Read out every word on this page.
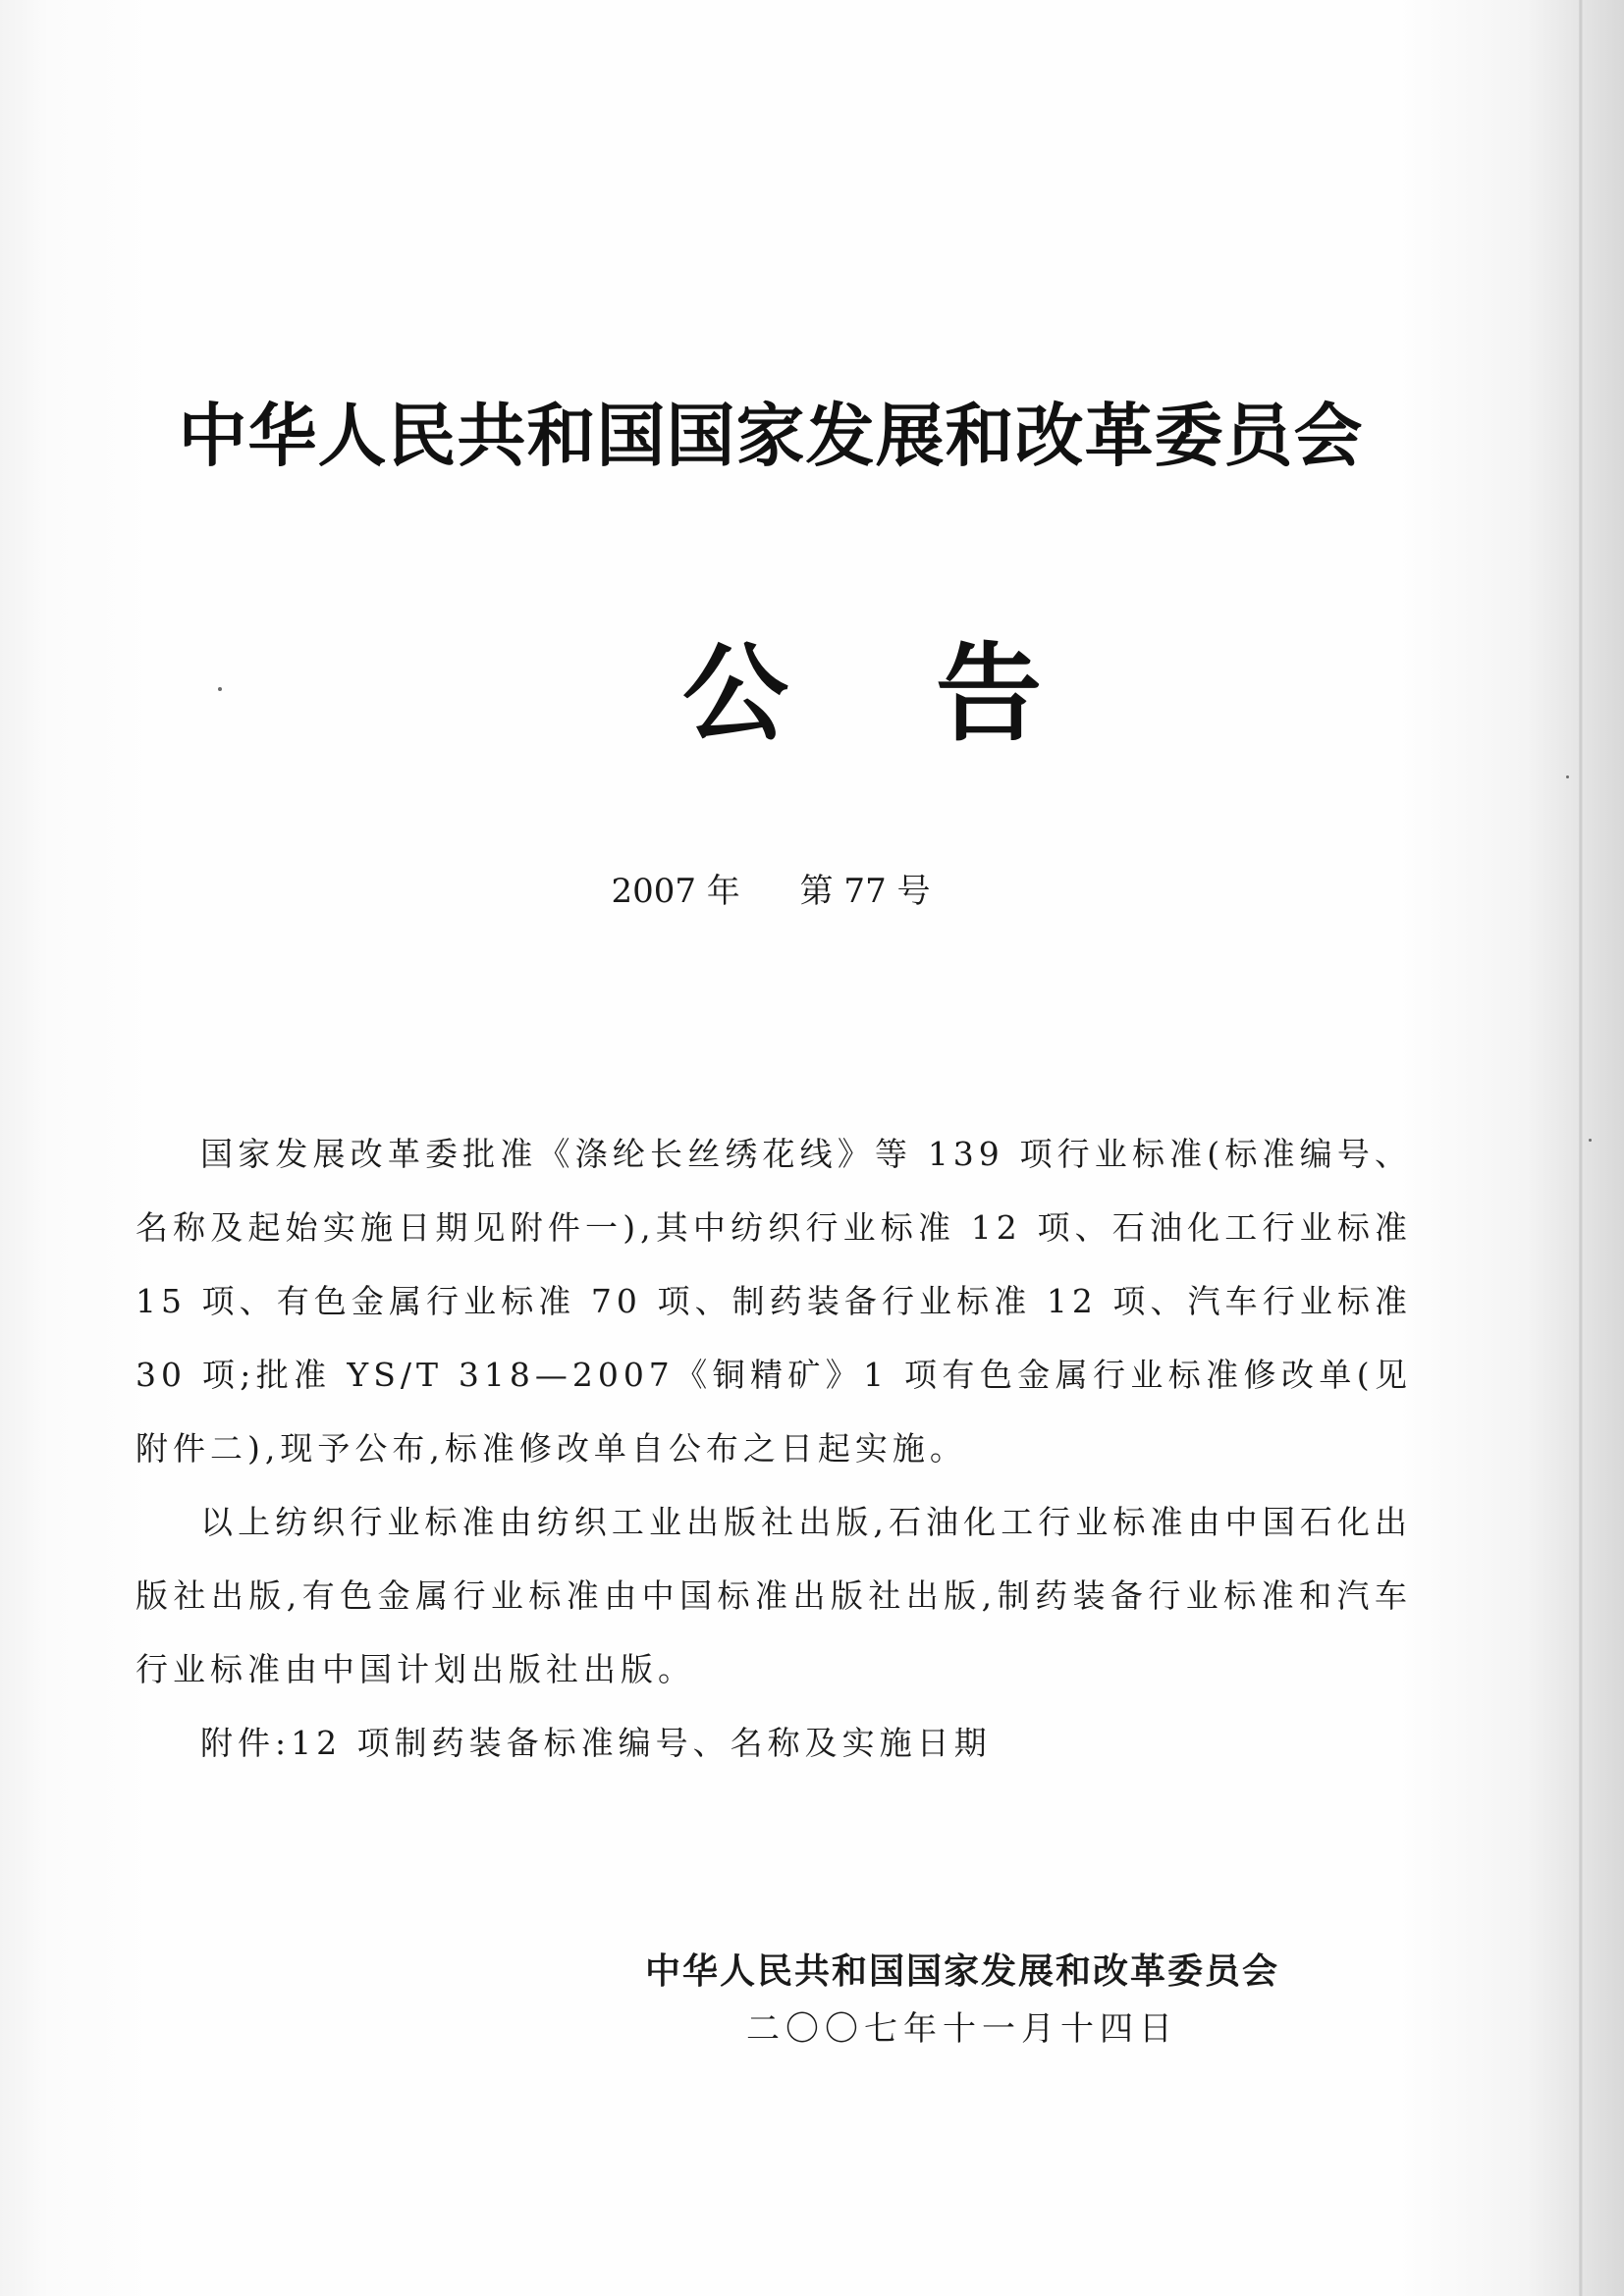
中华人民共和国国家发展和改革委员会
公告
2007 年 第 77 号

国家发展改革委批准《涤纶长丝绣花线》等 139 项行业标准(标准编号、名称及起始实施日期见附件一),其中纺织行业标准 12 项、石油化工行业标准 15 项、有色金属行业标准 70 项、制药装备行业标准 12 项、汽车行业标准 30 项;批准 YS/T 318—2007《铜精矿》1 项有色金属行业标准修改单(见附件二),现予公布,标准修改单自公布之日起实施。

以上纺织行业标准由纺织工业出版社出版,石油化工行业标准由中国石化出版社出版,有色金属行业标准由中国标准出版社出版,制药装备行业标准和汽车行业标准由中国计划出版社出版。

附件:12 项制药装备标准编号、名称及实施日期

中华人民共和国国家发展和改革委员会
二〇〇七年十一月十四日
